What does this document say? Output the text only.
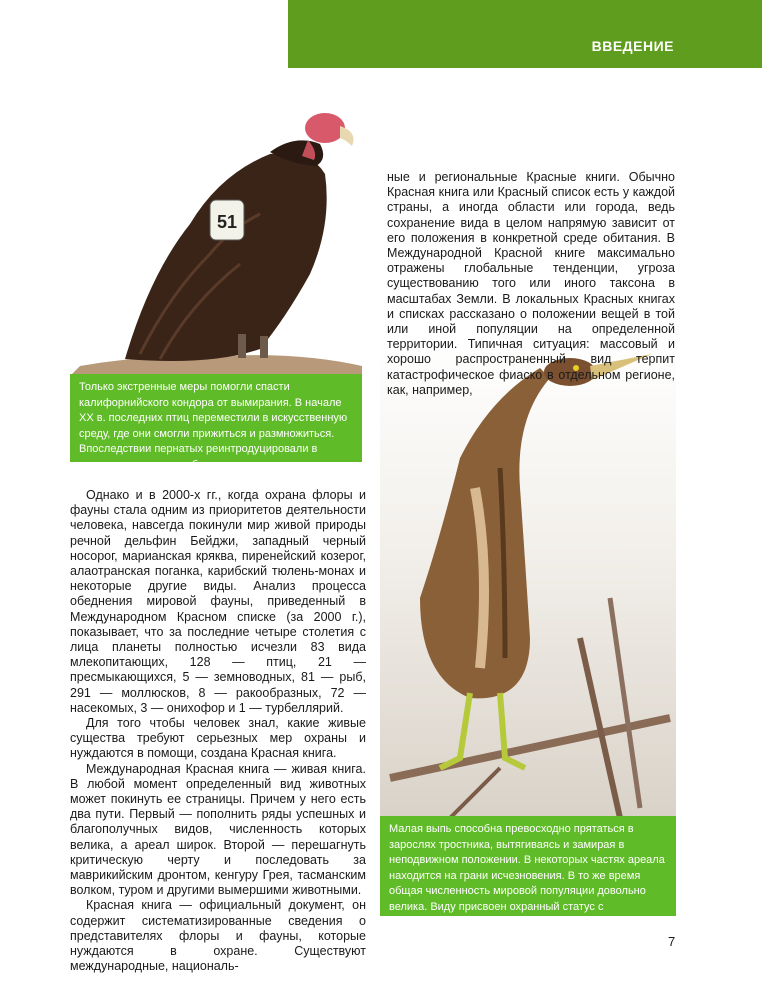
ВВЕДЕНИЕ
51

Только экстренные меры помогли спасти калифорнийского кондора от вымирания. В начале XX в. последних птиц переместили в искусственную среду, где они смогли прижиться и размножиться. Впоследствии пернатых реинтродуцировали в естественную среду обитания

Малая выпь способна превосходно прятаться в зарослях тростника, вытягиваясь и замирая в неподвижном положении. В некоторых частях ареала находится на грани исчезновения. В то же время общая численность мировой популяции довольно велика. Виду присвоен охранный статус с минимальной угрозой

ные и региональные Красные книги. Обычно Красная книга или Красный список есть у каждой страны, а иногда области или города, ведь сохранение вида в целом напрямую зависит от его положения в конкретной среде обитания. В Международной Красной книге максимально отражены глобальные тенденции, угроза существованию того или иного таксона в масштабах Земли. В локальных Красных книгах и списках рассказано о положении вещей в той или иной популяции на определенной территории. Типичная ситуация: массовый и хорошо распространенный вид терпит катастрофическое фиаско в отдельном регионе, как, например,

Однако и в 2000-х гг., когда охрана флоры и фауны стала одним из приоритетов деятельности человека, навсегда покинули мир живой природы речной дельфин Бейджи, западный черный носорог, марианская кряква, пиренейский козерог, алаотранская поганка, карибский тюлень-монах и некоторые другие виды. Анализ процесса обеднения мировой фауны, приведенный в Международном Красном списке (за 2000 г.), показывает, что за последние четыре столетия с лица планеты полностью исчезли 83 вида млекопитающих, 128 — птиц, 21 — пресмыкающихся, 5 — земноводных, 81 — рыб, 291 — моллюсков, 8 — ракообразных, 72 — насекомых, 3 — онихофор и 1 — турбеллярий.

Для того чтобы человек знал, какие живые существа требуют серьезных мер охраны и нуждаются в помощи, создана Красная книга.

Международная Красная книга — живая книга. В любой момент определенный вид животных может покинуть ее страницы. Причем у него есть два пути. Первый — пополнить ряды успешных и благополучных видов, численность которых велика, а ареал широк. Второй — перешагнуть критическую черту и последовать за маврикийским дронтом, кенгуру Грея, тасманским волком, туром и другими вымершими животными.

Красная книга — официальный документ, он содержит систематизированные сведения о представителях флоры и фауны, которые нуждаются в охране. Существуют международные, националь-

7
